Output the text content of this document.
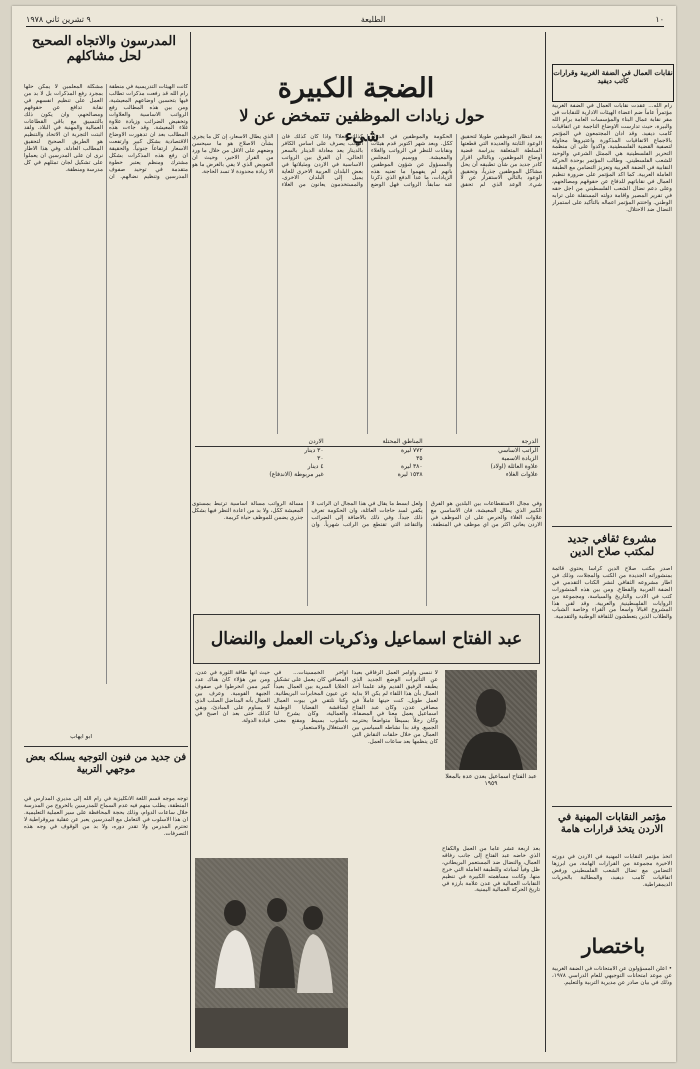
١٠
الطليعة
٩ تشرين ثاني ١٩٧٨
نقابات العمال في الضفة الغربية وقرارات كاتب ديفيد

رام الله... عقدت نقابات العمال في الضفة الغربية مؤتمراً عاماً ضم اعضاء الهيئات الادارية للنقابات في مقر نقابة عمال البناء والمؤسسات العامة برام الله والبيرة، حيث تدارست الاوضاع الناجمة عن اتفاقيات كامب ديفيد. وقد ادان المجتمعون في المؤتمر بالاجماع الاتفاقيات المذكورة واعتبروها محاولة لتصفية القضية الفلسطينية. واكدوا على ان منظمة التحرير الفلسطينية هي الممثل الشرعي والوحيد للشعب الفلسطيني. وطالب المؤتمر بوحدة الحركة النقابية في الضفة الغربية وتعزيز التضامن مع الطبقة العاملة العربية. كما اكد المؤتمر على ضرورة تنظيم العمال في نقاباتهم للدفاع عن حقوقهم ومصالحهم، وعلى دعم نضال الشعب الفلسطيني من اجل حقه في تقرير المصير واقامة دولته المستقلة على ترابه الوطني. واختتم المؤتمر اعماله بالتأكيد على استمرار النضال ضد الاحتلال.

مشروع ثقافي جديد لمكتب صلاح الدين

اصدر مكتب صلاح الدين كراساً يحتوي قائمة بمنشوراته الجديدة من الكتب والمجلات، وذلك في اطار مشروعه الثقافي لنشر الكتاب التقدمي في الضفة الغربية والقطاع. ومن بين هذه المنشورات كتب في الادب والتاريخ والسياسة، ومجموعة من الروايات الفلسطينية والعربية. وقد لقي هذا المشروع اقبالاً واسعاً من القراء وخاصة الشباب والطلاب الذين يتعطشون للثقافة الوطنية والتقدمية.

مؤتمر النقابات المهنية في الاردن يتخذ قرارات هامة

اتخذ مؤتمر النقابات المهنية في الاردن في دورته الاخيرة مجموعة من القرارات الهامة، من ابرزها التضامن مع نضال الشعب الفلسطيني ورفض اتفاقيات كامب ديفيد، والمطالبة بالحريات الديمقراطية.

باختصار

• اعلن المسؤولون عن الامتحانات في الضفة الغربية عن موعد امتحانات التوجيهي للعام الدراسي ١٩٧٨، وذلك في بيان صادر عن مديرية التربية والتعليم.

الضجة الكبيرة
حول زيادات الموظفين تتمخض عن لا شيء	بعد انتظار الموظفين طويلاً لتحقيق الوعود الثابتة والعديدة التي قطعتها السلطة المتعلقة بدراسة قضية أوضاع الموظفين، وبالتالي اقرار كادر جديد من شأن تطبيقه أن يحل مشاكل الموظفين جذرياً، وتحقيق الوعود بالتالي الاستقرار عن لا شيء. الوعد الذي لم تحقق الحكومة والموظفين في الدولة ككل. وبعد شهر اكتوبر قدم هيئات ونقابات للنظر في الرواتب والغلاء والمعيشة. ووسيم المجلس والمسؤول عن شؤون الموظفين بانهم لم يفهموا ما تعنيه هذه الزيادات، ما عدا الدفع الذي ذكرنا عنه سابقاً. الرواتب فهل الوضع كذلك فعلاً؟ واذا كان كذلك فان الراتب يصرف على اساس الكافر بالدينار يعد معادلة الدينار بالسعر الحالي. أن الفرق بين الرواتب الاساسية في الاردن ومثيلاتها في بعض البلدان العربية الاخرى للغاية يميل إلى البلدان الاخرى. والمستخدمون يعانون من الغلاء الذي يطال الاسعار، إن كل ما يجري بشأن الاصلاح هو ما سيحسن وضعهم على الاقل من خلال ما ورد من القرار الاخير، وحيث ان التعويض الذي لا يفي بالغرض ما هو الا زيادة محدودة لا تسد الحاجة.

الدرجة	المناطق المحتلة	الاردن
الراتب الاساسي	٧٧٢ ليرة	٣٠ دينار
الزيادة الاسمية	٣٥	٣٠
علاوة العائلة (اولاد)	٣٨٠ ليرة	٤ دينار
علاوات الغلاء	١٥٣٨ ليرة	غير مربوطة (الاندفاع)

وفي مجال الاستقطاعات بين البلدين هو الفرق الكبير الذي يطال المعيشة، فان الاساسي مع علاوات الغلاء والحرص على ان الموظف في الاردن يعاني اكثر من اي موظف في المنطقة. ولعل ابسط ما يقال في هذا المجال ان الراتب لا يكفي لسد حاجات العائلة، وان الحكومة تعرف ذلك جيداً. وفي ذلك بالاضافة إلى الضرائب والتقاعد التي تقتطع من الراتب شهرياً. وان مسألة الرواتب مسألة اساسية ترتبط بمستوى المعيشة ككل، ولا بد من اعادة النظر فيها بشكل جذري يضمن للموظف حياة كريمة.

عبد الفتاح اسماعيل وذكريات العمل والنضال
عبد الفتاح اسماعيل بعدن عدة بالمعلا ١٩٥٩

لا ننسى واوامر العمل الرفاقي بعيداً عن التأثيرات الوضع الجديد الذي يطبقه الرفيق القديم وقد علمنا أحد العمال بأن هذا اللقاء لم يكن الا بداية لعمل طويل. كنت حينها عاملاً في مصافي عدن، وكان عبد الفتاح اسماعيل يعمل معنا في المصفاة، وكان رجلاً بسيطاً متواضعاً يحترمه الجميع. وقد بدأ نشاطه السياسي بين العمال من خلال حلقات النقاش التي كان ينظمها بعد ساعات العمل.

بعد اربعة عشر عاماً من العمل والكفاح الذي خاضه عبد الفتاح إلى جانب رفاقه العمال، والنضال ضد المستعمر البريطاني، ظل وفياً لمبادئه وللطبقة العاملة التي خرج منها. وكانت مساهمته الكبيرة في تنظيم النقابات العمالية في عدن علامة بارزة في تاريخ الحركة العمالية اليمنية.

اواخر الخمسينات... في المصافي كان يعمل على تشكيل الخلايا السرية بين العمال بعيداً عن عيون المخابرات البريطانية. وكنا نلتقي في بيوت العمال لمناقشة القضايا الوطنية والعمالية، وكان يشرح لنا بأسلوب بسيط ومقنع معنى الاستغلال والاستعمار.

حيث انها طاقة الثورة في عدن، ومن بين هؤلاء كان هناك عدد كبير ممن انخرطوا في صفوف الجبهة القومية. وعرف بين العمال بأنه المناضل الصلب الذي لا يساوم على المبادئ، وبقي كذلك حتى بعد ان اصبح في قيادة الدولة.

المدرسون والاتجاه الصحيح لحل مشاكلهم

كانت الهيئات التدريسية في منطقة رام الله قد رفعت مذكرات تطالب فيها بتحسين اوضاعهم المعيشية، ومن بين هذه المطالب رفع الرواتب الاساسية والعلاوات وتخفيض الضرائب وزيادة علاوة غلاء المعيشة. وقد جاءت هذه المطالب بعد ان تدهورت الاوضاع الاقتصادية بشكل كبير وارتفعت الاسعار ارتفاعاً جنونياً. والحقيقة ان رفع هذه المذكرات بشكل مشترك ومنظم يعتبر خطوة متقدمة في توحيد صفوف المدرسين وتنظيم نضالهم. ان مشكلة المعلمين لا يمكن حلها بمجرد رفع المذكرات بل لا بد من العمل على تنظيم انفسهم في نقابة تدافع عن حقوقهم ومصالحهم، وان يكون ذلك بالتنسيق مع باقي القطاعات العمالية والمهنية في البلاد. ولقد اثبتت التجربة ان الاتحاد والتنظيم هو الطريق الصحيح لتحقيق المطالب العادلة. وفي هذا الاطار نرى ان على المدرسين ان يعملوا على تشكيل لجان تمثلهم في كل مدرسة ومنطقة.

ابو ايهاب
فن جديد من فنون التوجيه يسلكه بعض موجهي التربية

توجه موجه قسم اللغة الانكليزية في رام الله إلى مديري المدارس في المنطقة، يطلب منهم فيه عدم السماح للمدرسين بالخروج من المدرسة خلال ساعات الدوام، وذلك بحجة المحافظة على سير العملية التعليمية. ان هذا الاسلوب في التعامل مع المدرسين يعبر عن عقلية بيروقراطية لا تحترم المدرس ولا تقدر دوره، ولا بد من الوقوف في وجه هذه التصرفات.
